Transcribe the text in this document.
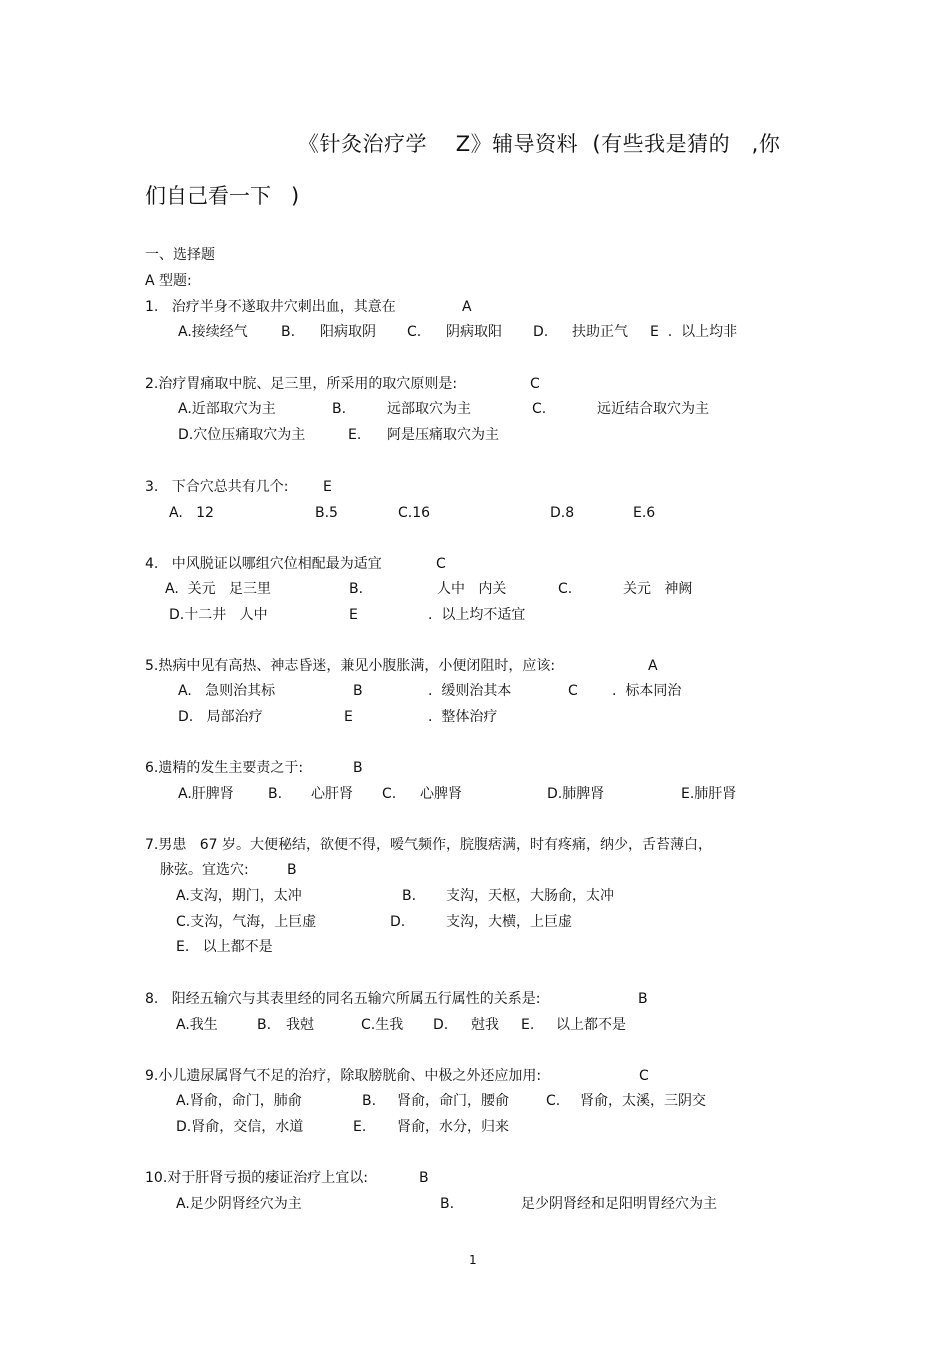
《针灸治疗学    Z》辅导资料  (有些我是猜的   ,你
们自己看一下   )
一、选择题
A 型题:
1.   治疗半身不遂取井穴刺出血，其意在	A
A.接续经气 B. 阳病取阴 C. 阴病取阳 D. 扶助正气 E  .  以上均非
2.治疗胃痛取中脘、足三里，所采用的取穴原则是:	C
A.近部取穴为主	B.	远部取穴为主	C.	远近结合取穴为主
D.穴位压痛取穴为主	E. 阿是压痛取穴为主
3.   下合穴总共有几个: E
A.   12	B.5	C.16	D.8	E.6
4.   中风脱证以哪组穴位相配最为适宜	C
A.  关元   足三里	B.	人中   内关	C.	关元   神阙
D.十二井   人中	E	.  以上均不适宜
5.热病中见有高热、神志昏迷，兼见小腹胀满，小便闭阻时，应该:	A
A.   急则治其标	B	.  缓则治其本	C .  标本同治
D.   局部治疗	E	.  整体治疗
6.遗精的发生主要责之于:	B
A.肝脾肾 B. 心肝肾 C. 心脾肾	D.肺脾肾	E.肺肝肾
7.男患   67 岁。大便秘结，欲便不得，嗳气频作，脘腹痞满，时有疼痛，纳少，舌苔薄白，
脉弦。宜选穴:	B
A.支沟，期门，太冲	B. 支沟，天枢，大肠俞，太冲
C.支沟，气海，上巨虚	D.	支沟，大横，上巨虚
E.   以上都不是
8.   阳经五输穴与其表里经的同名五输穴所属五行属性的关系是:	B
A.我生	B. 我尅	C.生我 D. 尅我 E. 以上都不是
9.小儿遗尿属肾气不足的治疗，除取膀胱俞、中极之外还应加用:	C
A.肾俞，命门，肺俞	B. 肾俞，命门，腰俞	C. 肾俞，太溪，三阴交
D.肾俞，交信，水道	E. 肾俞，水分，归来
10.对于肝肾亏损的痿证治疗上宜以:	B
A.足少阴肾经穴为主	B.	足少阴肾经和足阳明胃经穴为主
1
